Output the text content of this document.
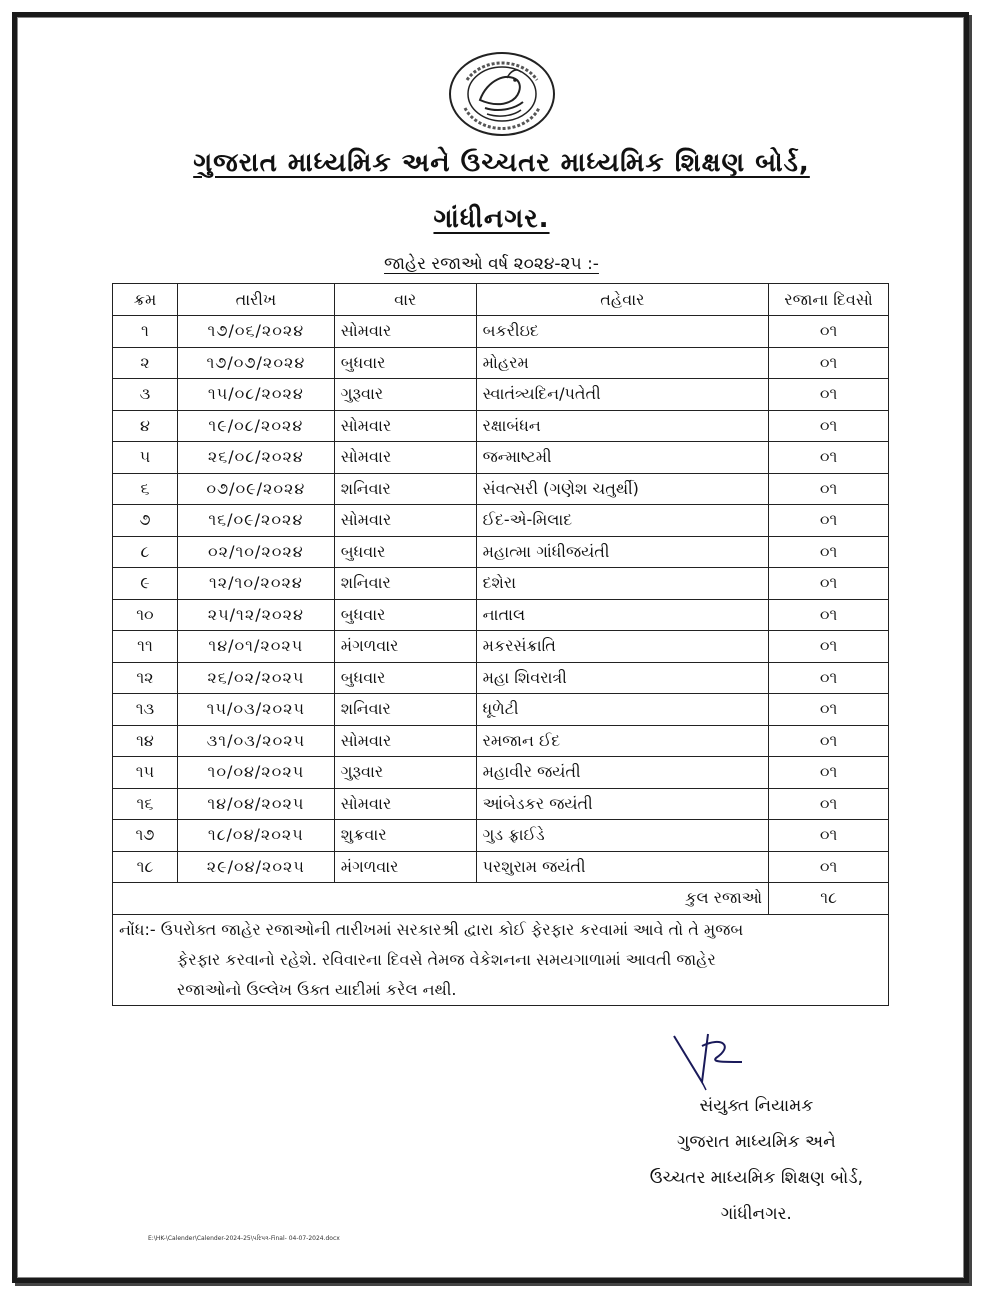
ગુજરાત માધ્યમિક અને ઉચ્ચતર માધ્યમિક શિક્ષણ બોર્ડ,
ગાંધીનગર.
જાહેર રજાઓ વર્ષ ૨૦૨૪-૨૫ :-
ક્રમ	તારીખ	વાર	તહેવાર	રજાના દિવસો
૧	૧૭/૦૬/૨૦૨૪	સોમવાર	બકરીઇદ	૦૧
૨	૧૭/૦૭/૨૦૨૪	બુધવાર	મોહરમ	૦૧
૩	૧૫/૦૮/૨૦૨૪	ગુરૂવાર	સ્વાતંત્ર્યદિન/પતેતી	૦૧
૪	૧૯/૦૮/૨૦૨૪	સોમવાર	રક્ષાબંધન	૦૧
૫	૨૬/૦૮/૨૦૨૪	સોમવાર	જન્માષ્ટમી	૦૧
૬	૦૭/૦૯/૨૦૨૪	શનિવાર	સંવત્સરી (ગણેશ ચતુર્થી)	૦૧
૭	૧૬/૦૯/૨૦૨૪	સોમવાર	ઈદ-એ-મિલાદ	૦૧
૮	૦૨/૧૦/૨૦૨૪	બુધવાર	મહાત્મા ગાંધીજયંતી	૦૧
૯	૧૨/૧૦/૨૦૨૪	શનિવાર	દશેરા	૦૧
૧૦	૨૫/૧૨/૨૦૨૪	બુધવાર	નાતાલ	૦૧
૧૧	૧૪/૦૧/૨૦૨૫	મંગળવાર	મકરસંક્રાતિ	૦૧
૧૨	૨૬/૦૨/૨૦૨૫	બુધવાર	મહા શિવરાત્રી	૦૧
૧૩	૧૫/૦૩/૨૦૨૫	શનિવાર	ધૂળેટી	૦૧
૧૪	૩૧/૦૩/૨૦૨૫	સોમવાર	રમજાન ઈદ	૦૧
૧૫	૧૦/૦૪/૨૦૨૫	ગુરૂવાર	મહાવીર જયંતી	૦૧
૧૬	૧૪/૦૪/૨૦૨૫	સોમવાર	આંબેડકર જયંતી	૦૧
૧૭	૧૮/૦૪/૨૦૨૫	શુક્રવાર	ગુડ ફ્રાઈડે	૦૧
૧૮	૨૯/૦૪/૨૦૨૫	મંગળવાર	પરશુરામ જયંતી	૦૧
કુલ રજાઓ				૧૮

નોંધ:- ઉપરોક્ત જાહેર રજાઓની તારીખમાં સરકારશ્રી દ્વારા કોઈ ફેરફાર કરવામાં આવે તો તે મુજબ
ફેરફાર કરવાનો રહેશે. રવિવારના દિવસે તેમજ વેકેશનના સમયગાળામાં આવતી જાહેર
રજાઓનો ઉલ્લેખ ઉક્ત યાદીમાં કરેલ નથી.				
સંયુક્ત નિયામક
ગુજરાત માધ્યમિક અને
ઉચ્ચતર માધ્યમિક શિક્ષણ બોર્ડ,
ગાંધીનગર.
E:\HK-\Calender\Calender-2024-25\પરિપત્ર-Final- 04-07-2024.docx
